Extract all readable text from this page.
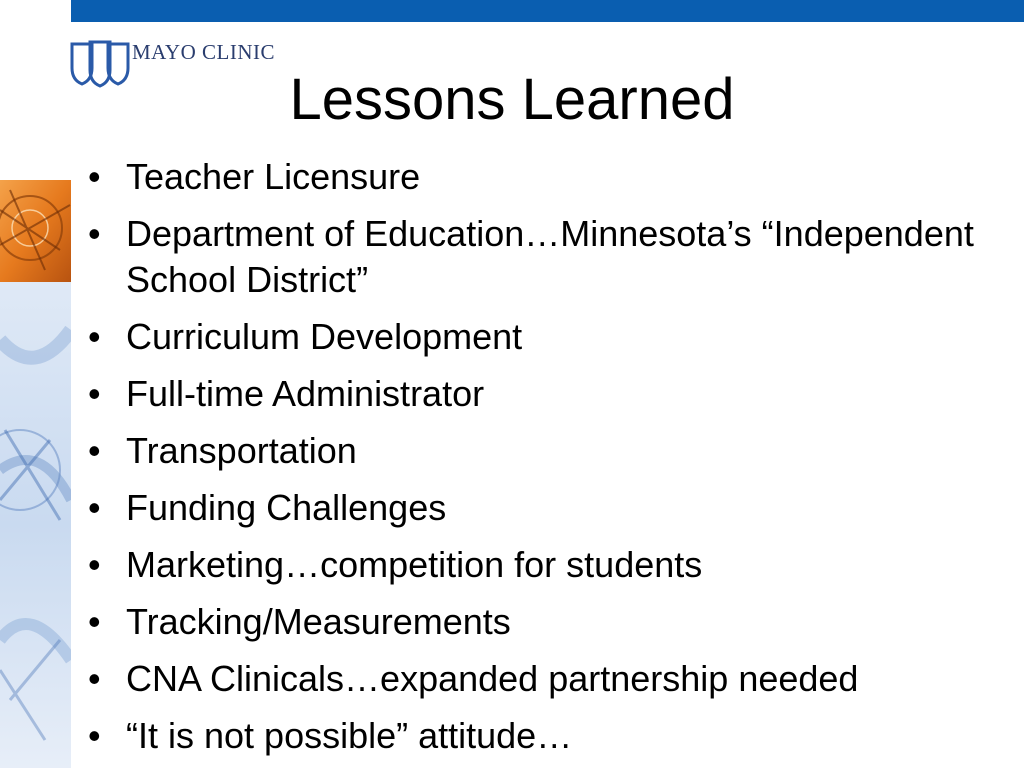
MAYO CLINIC
Lessons Learned
• Teacher Licensure
• Department of Education…Minnesota’s “Independent School District”
• Curriculum Development
• Full-time Administrator
• Transportation
• Funding Challenges
• Marketing…competition for students
• Tracking/Measurements
• CNA Clinicals…expanded partnership needed
• “It is not possible” attitude…
